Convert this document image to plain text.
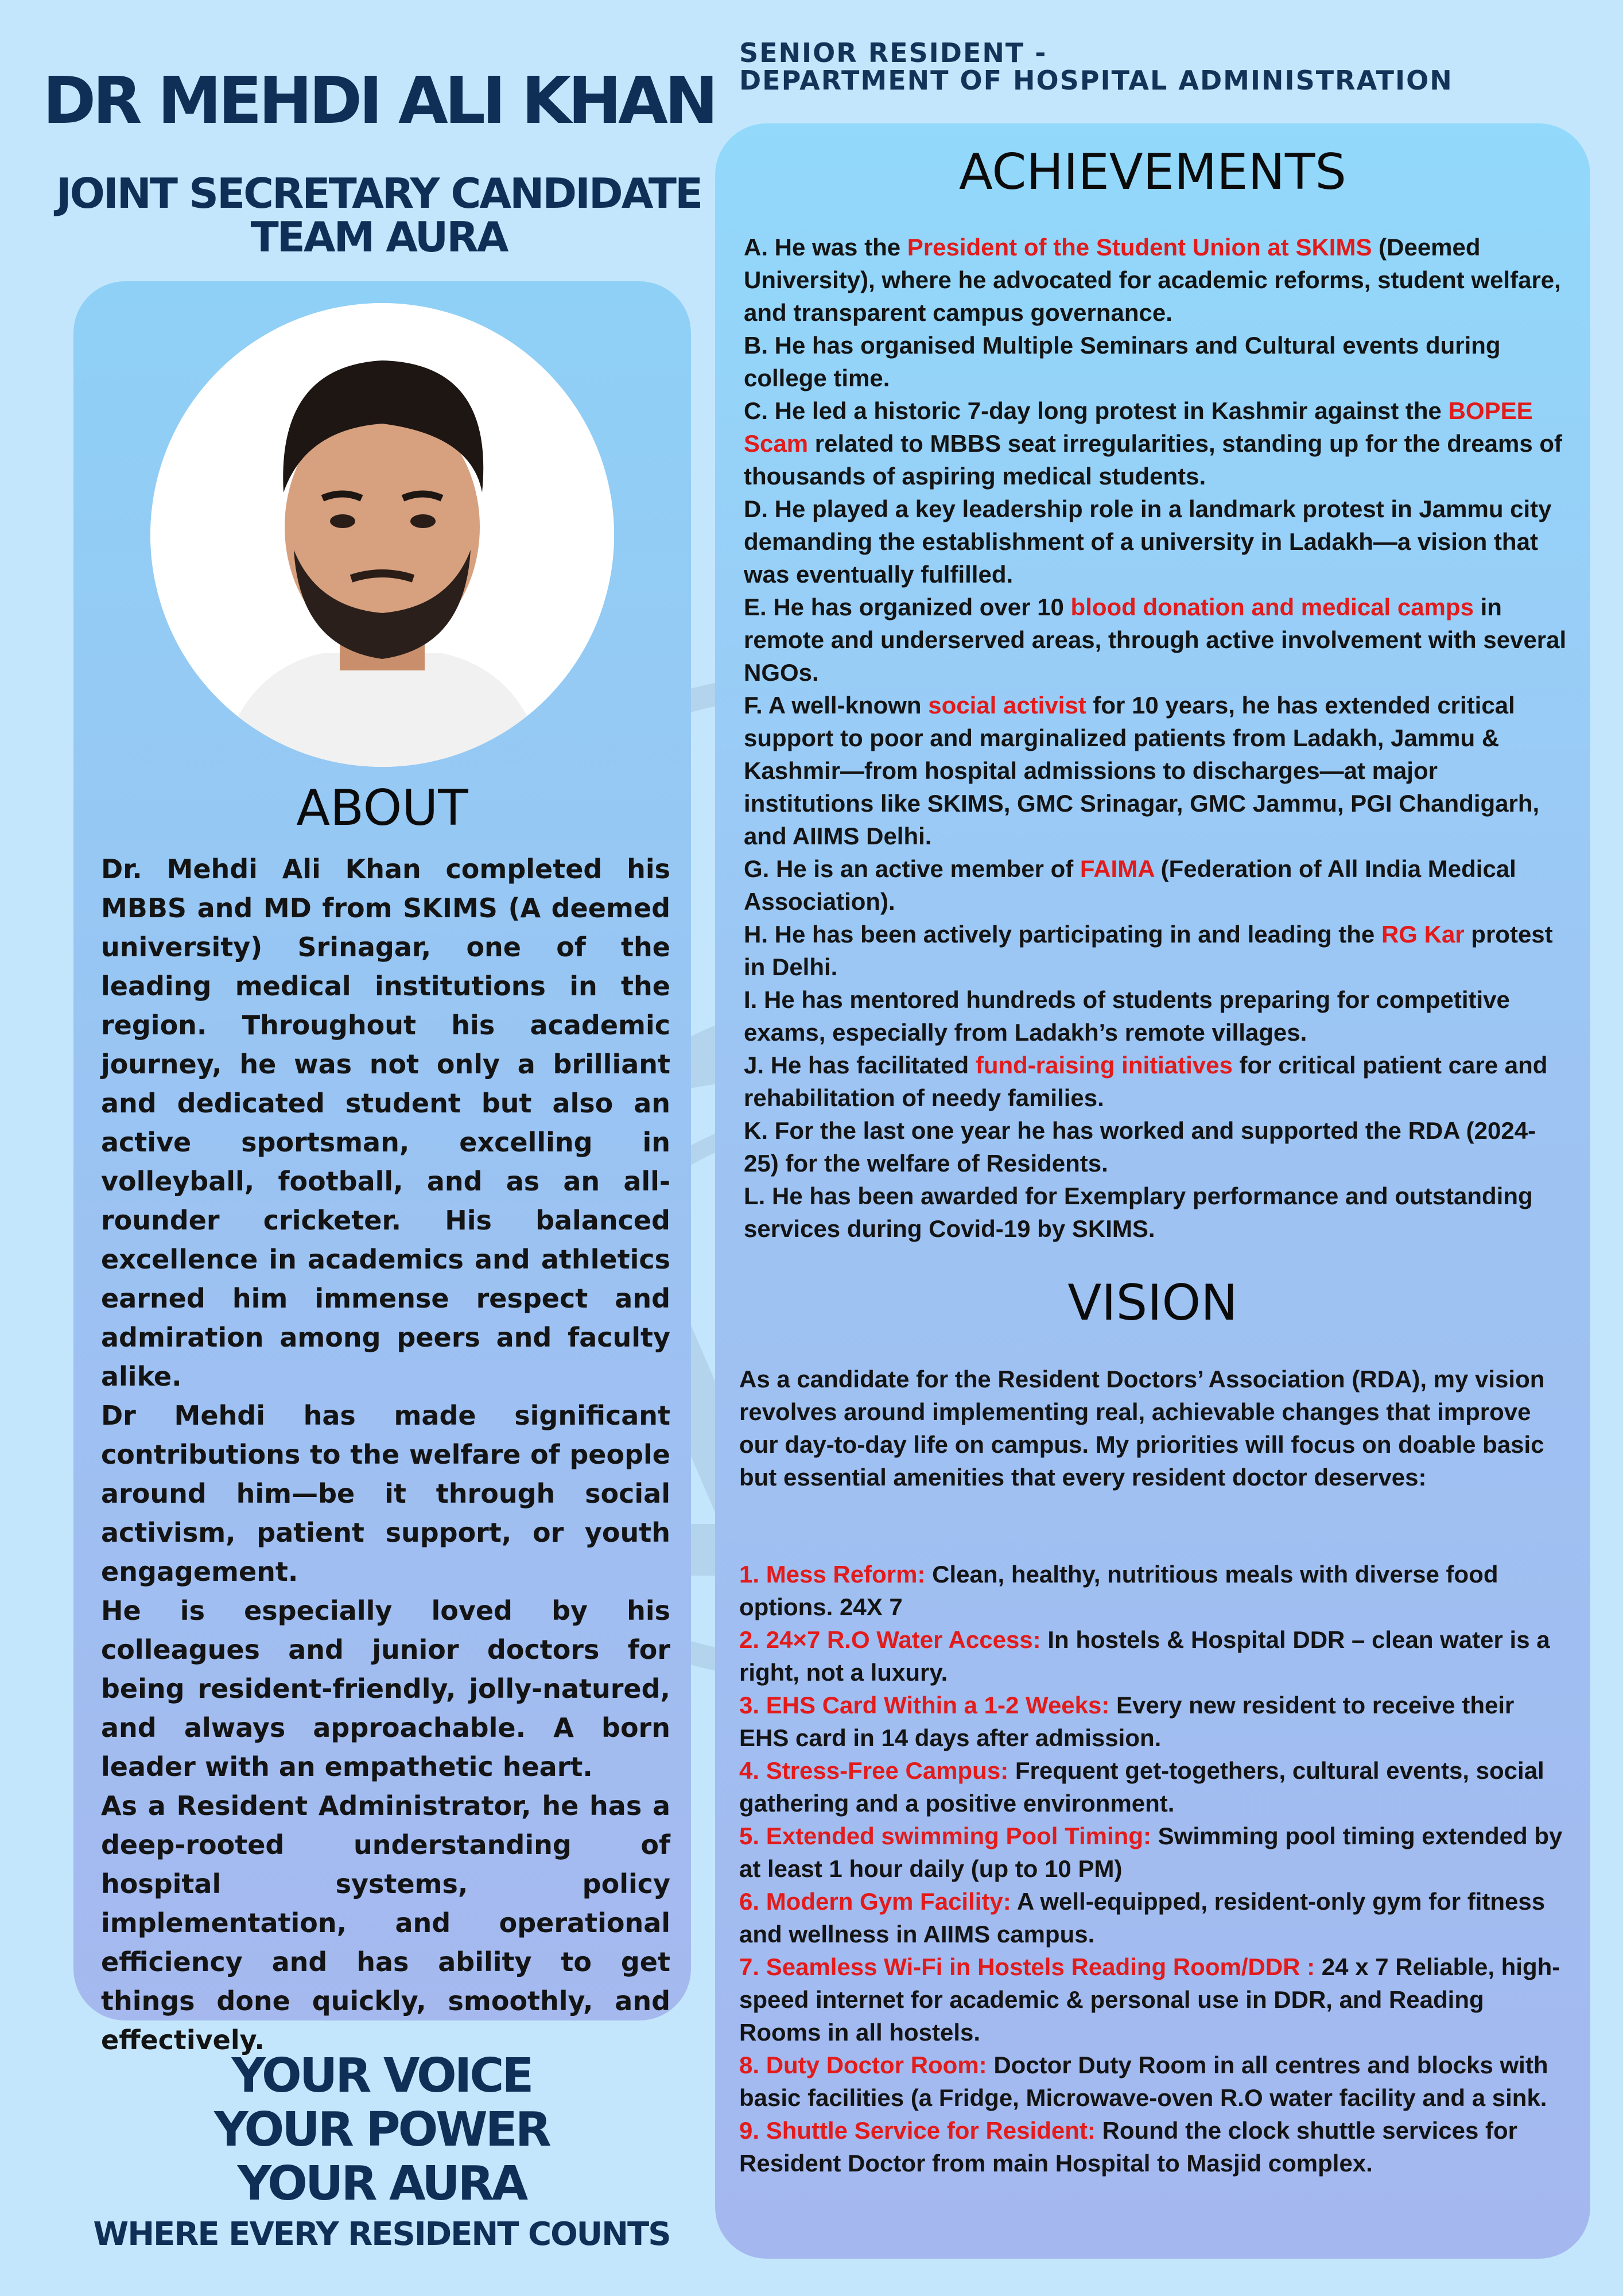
DR MEHDI ALI KHAN
JOINT SECRETARY CANDIDATE
TEAM AURA
SENIOR RESIDENT -
DEPARTMENT OF HOSPITAL ADMINISTRATION
ABOUT

Dr. Mehdi Ali Khan completed his MBBS and MD from SKIMS (A deemed university) Srinagar, one of the leading medical institutions in the region. Throughout his academic journey, he was not only a brilliant and dedicated student but also an active sportsman, excelling in volleyball, football, and as an all-rounder cricketer. His balanced excellence in academics and athletics earned him immense respect and admiration among peers and faculty alike.

Dr Mehdi has made significant contributions to the welfare of people around him—be it through social activism, patient support, or youth engagement.

He is especially loved by his colleagues and junior doctors for being resident-friendly, jolly-natured, and always approachable. A born leader with an empathetic heart.

As a Resident Administrator, he has a deep-rooted understanding of hospital systems, policy implementation, and operational efficiency and has ability to get things done quickly, smoothly, and effectively.

YOUR VOICE
YOUR POWER
YOUR AURA
WHERE EVERY RESIDENT COUNTS
ACHIEVEMENTS

A. He was the President of the Student Union at SKIMS (Deemed University), where he advocated for academic reforms, student welfare, and transparent campus governance.

B. He has organised Multiple Seminars and Cultural events during college time.

C. He led a historic 7-day long protest in Kashmir against the BOPEE Scam related to MBBS seat irregularities, standing up for the dreams of thousands of aspiring medical students.

D. He played a key leadership role in a landmark protest in Jammu city demanding the establishment of a university in Ladakh—a vision that was eventually fulfilled.

E. He has organized over 10 blood donation and medical camps in remote and underserved areas, through active involvement with several NGOs.

F. A well-known social activist for 10 years, he has extended critical support to poor and marginalized patients from Ladakh, Jammu & Kashmir—from hospital admissions to discharges—at major institutions like SKIMS, GMC Srinagar, GMC Jammu, PGI Chandigarh, and AIIMS Delhi.

G. He is an active member of FAIMA (Federation of All India Medical Association).

H. He has been actively participating in and leading the RG Kar protest in Delhi.

I. He has mentored hundreds of students preparing for competitive exams, especially from Ladakh’s remote villages.

J. He has facilitated fund-raising initiatives for critical patient care and rehabilitation of needy families.

K. For the last one year he has worked and supported the RDA (2024-25) for the welfare of Residents.

L. He has been awarded for Exemplary performance and outstanding services during Covid-19 by SKIMS.

VISION
As a candidate for the Resident Doctors’ Association (RDA), my vision revolves around implementing real, achievable changes that improve our day-to-day life on campus. My priorities will focus on doable basic but essential amenities that every resident doctor deserves:

1. Mess Reform: Clean, healthy, nutritious meals with diverse food options. 24X 7

2. 24×7 R.O Water Access: In hostels & Hospital DDR – clean water is a right, not a luxury.

3. EHS Card Within a 1-2 Weeks: Every new resident to receive their EHS card in 14 days after admission.

4. Stress-Free Campus: Frequent get-togethers, cultural events, social gathering and a positive environment.

5. Extended swimming Pool Timing: Swimming pool timing extended by at least 1 hour daily (up to 10 PM)

6. Modern Gym Facility: A well-equipped, resident-only gym for fitness and wellness in AIIMS campus.

7. Seamless Wi-Fi in Hostels Reading Room/DDR : 24 x 7 Reliable, high-speed internet for academic & personal use in DDR, and Reading Rooms in all hostels.

8. Duty Doctor Room: Doctor Duty Room in all centres and blocks with basic facilities (a Fridge, Microwave-oven R.O water facility and a sink.

9. Shuttle Service for Resident: Round the clock shuttle services for Resident Doctor from main Hospital to Masjid complex.
